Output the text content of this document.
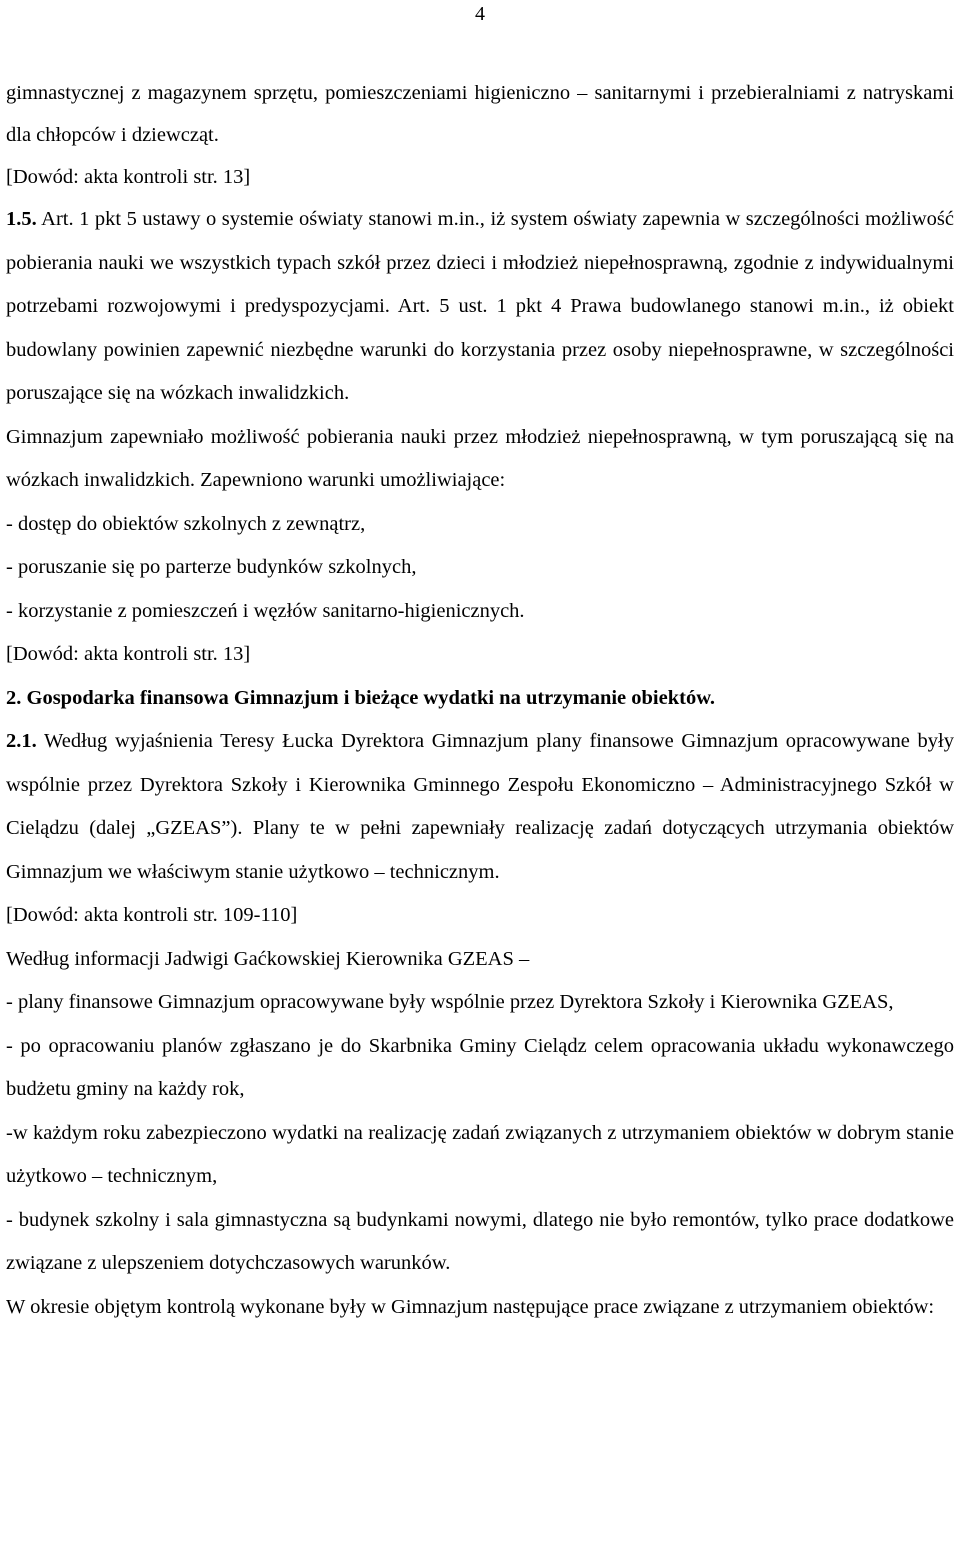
4

gimnastycznej z magazynem sprzętu, pomieszczeniami higieniczno – sanitarnymi i przebieralniami z natryskami dla chłopców i dziewcząt.

[Dowód: akta kontroli str. 13]

1.5. Art. 1 pkt 5 ustawy o systemie oświaty stanowi m.in., iż system oświaty zapewnia w szczególności możliwość pobierania nauki we wszystkich typach szkół przez dzieci i młodzież niepełnosprawną, zgodnie z indywidualnymi potrzebami rozwojowymi i predyspozycjami. Art. 5 ust. 1 pkt 4 Prawa budowlanego stanowi m.in., iż obiekt budowlany powinien zapewnić niezbędne warunki do korzystania przez osoby niepełnosprawne, w szczególności poruszające się na wózkach inwalidzkich.

Gimnazjum zapewniało możliwość pobierania nauki przez młodzież niepełnosprawną, w tym poruszającą się na wózkach inwalidzkich. Zapewniono warunki umożliwiające:

- dostęp do obiektów szkolnych z zewnątrz,

- poruszanie się po parterze budynków szkolnych,

- korzystanie z pomieszczeń i węzłów sanitarno-higienicznych.

[Dowód: akta kontroli str. 13]

2. Gospodarka finansowa Gimnazjum i bieżące wydatki na utrzymanie obiektów.

2.1. Według wyjaśnienia Teresy Łucka Dyrektora Gimnazjum plany finansowe Gimnazjum opracowywane były wspólnie przez Dyrektora Szkoły i Kierownika Gminnego Zespołu Ekonomiczno – Administracyjnego Szkół w Cielądzu (dalej „GZEAS”). Plany te w pełni zapewniały realizację zadań dotyczących utrzymania obiektów Gimnazjum we właściwym stanie użytkowo – technicznym.

[Dowód: akta kontroli str. 109-110]

Według informacji Jadwigi Gaćkowskiej Kierownika GZEAS –

- plany finansowe Gimnazjum opracowywane były wspólnie przez Dyrektora Szkoły i Kierownika GZEAS,

- po opracowaniu planów zgłaszano je do Skarbnika Gminy Cielądz celem opracowania układu wykonawczego budżetu gminy na każdy rok,

-w każdym roku zabezpieczono wydatki na realizację zadań związanych z utrzymaniem obiektów w dobrym stanie użytkowo – technicznym,

- budynek szkolny i sala gimnastyczna są budynkami nowymi, dlatego nie było remontów, tylko prace dodatkowe związane z ulepszeniem dotychczasowych warunków.

W okresie objętym kontrolą wykonane były w Gimnazjum następujące prace związane z utrzymaniem obiektów:
